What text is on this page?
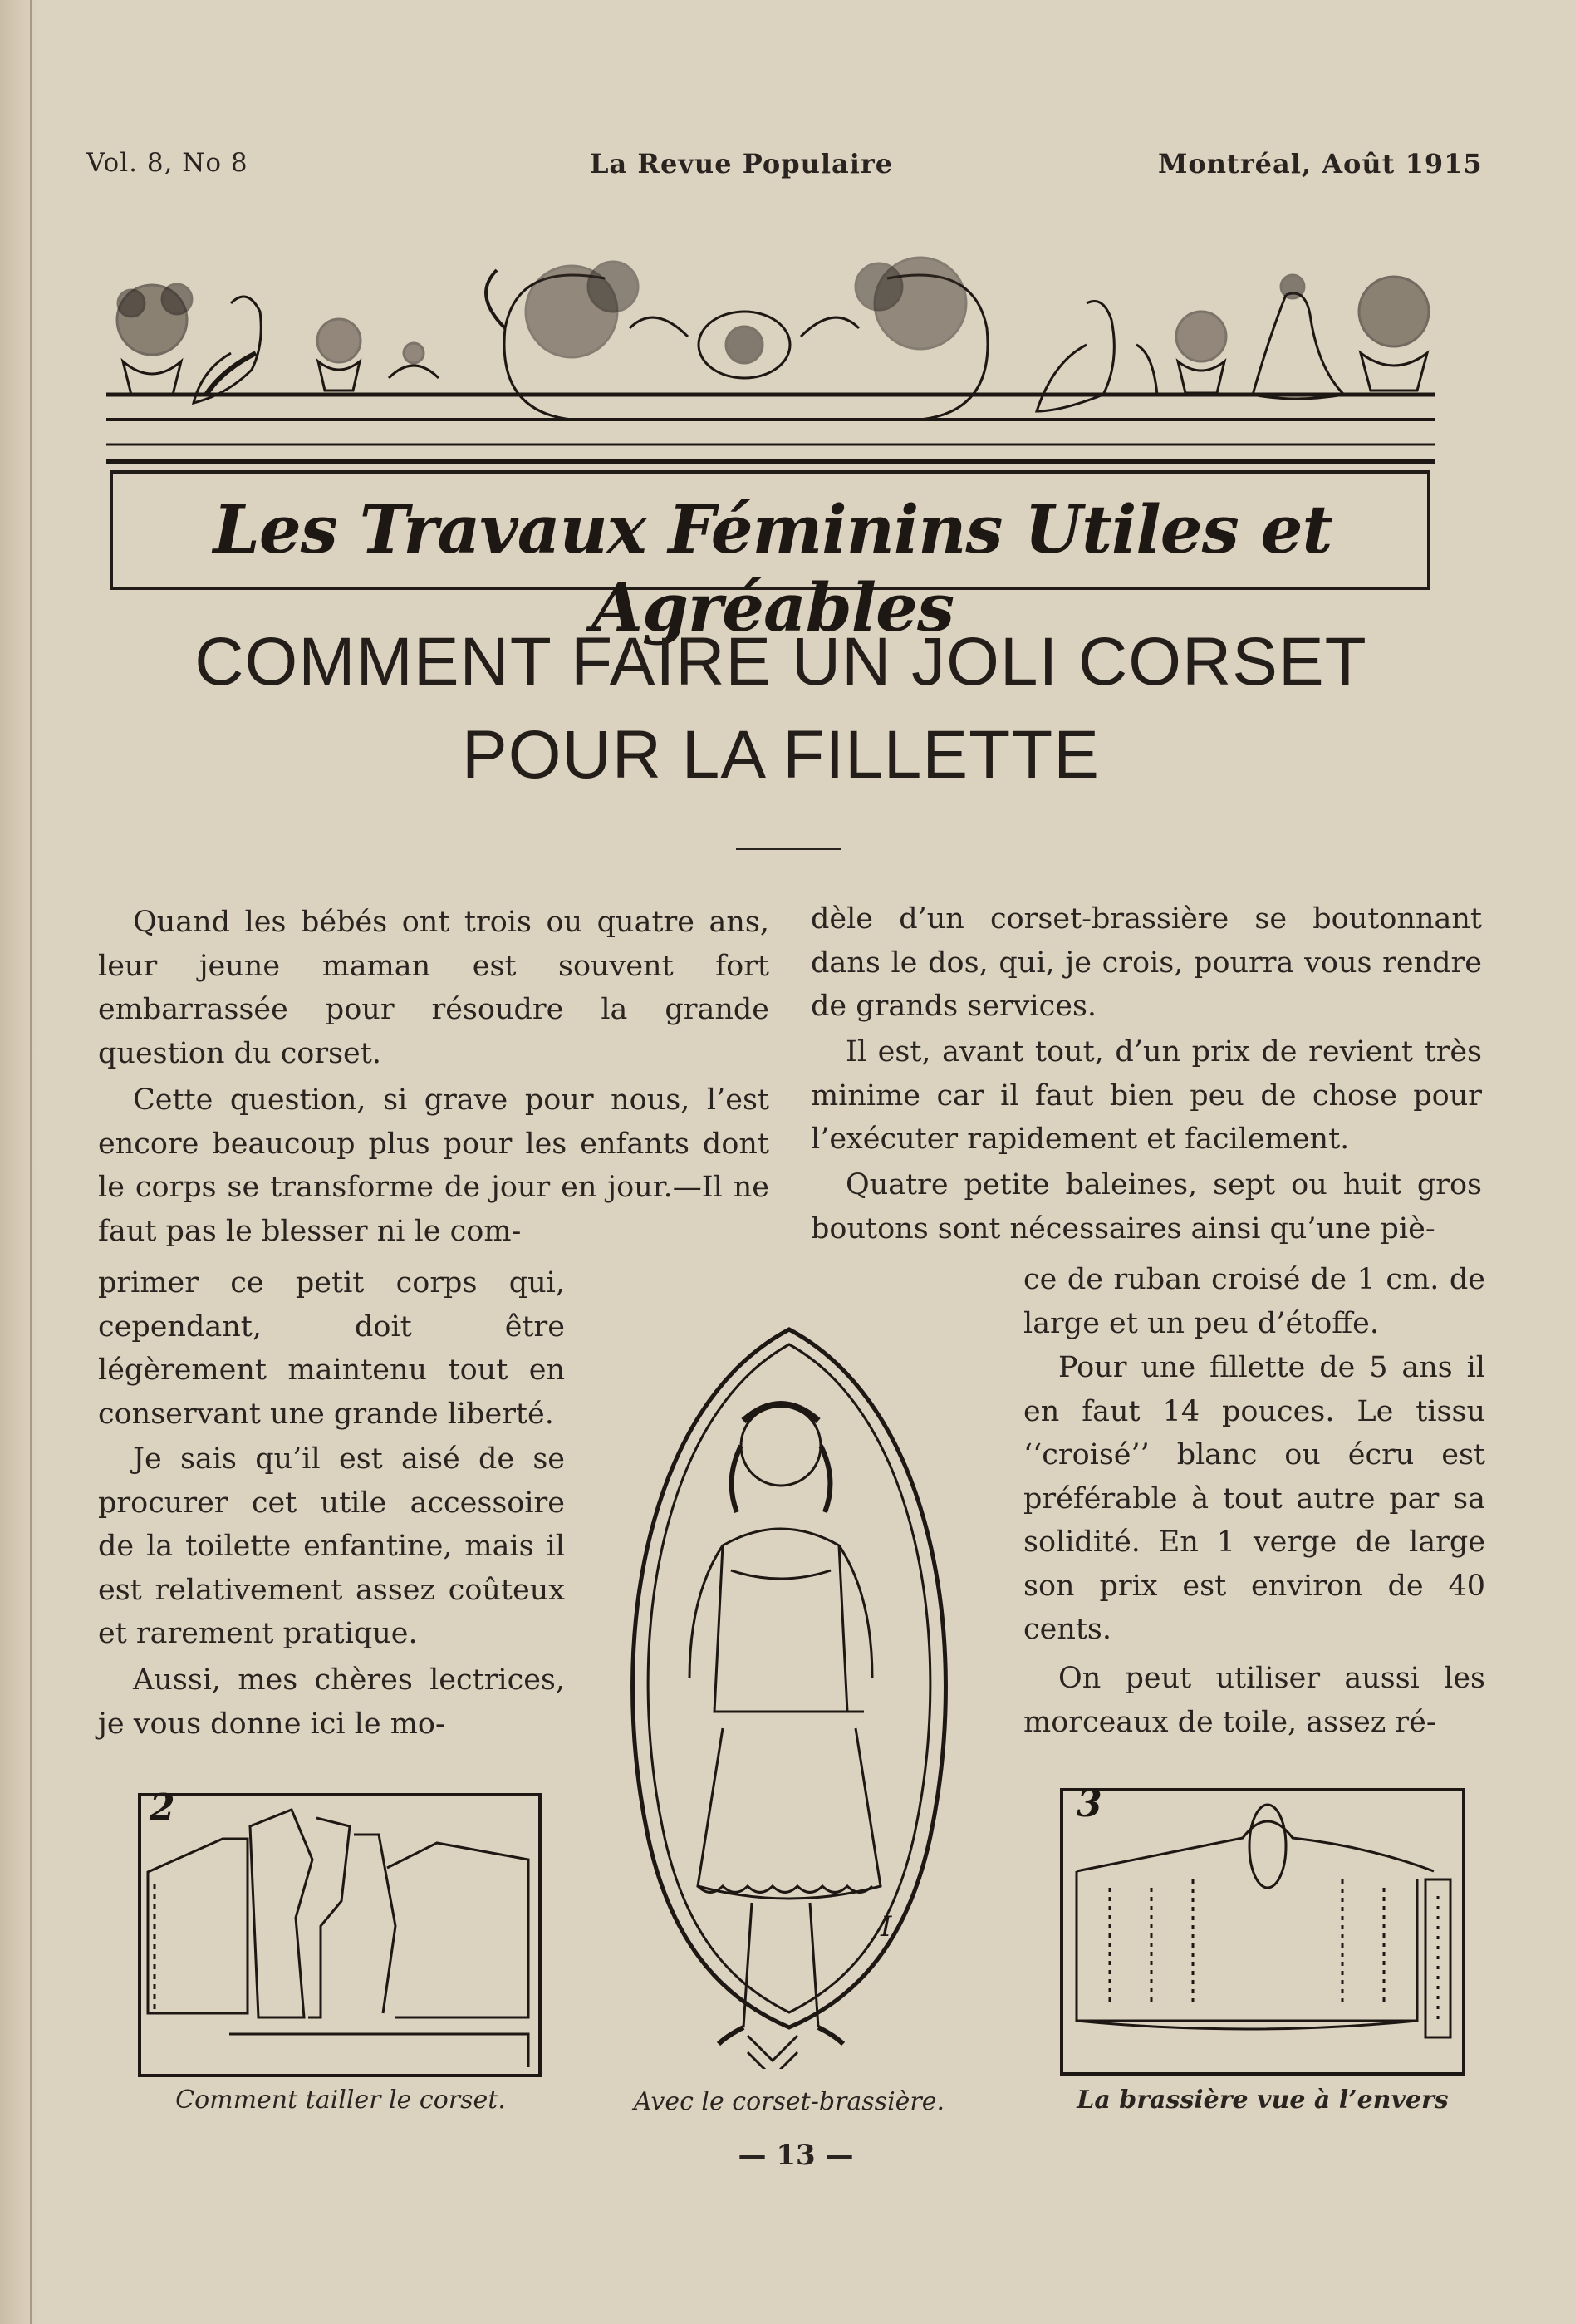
Vol. 8, No 8	La Revue Populaire	Montréal, Août 1915
Les Travaux Féminins Utiles et Agréables
COMMENT FAIRE UN JOLI CORSET
POUR LA FILLETTE

Quand les bébés ont trois ou quatre ans, leur jeune maman est souvent fort embarrassée pour résoudre la grande question du corset.

Cette question, si grave pour nous, l’est encore beaucoup plus pour les enfants dont le corps se transforme de jour en jour.—Il ne faut pas le blesser ni le com-

dèle d’un corset-brassière se boutonnant dans le dos, qui, je crois, pourra vous rendre de grands services.

Il est, avant tout, d’un prix de revient très minime car il faut bien peu de chose pour l’exécuter rapidement et facilement.

Quatre petite baleines, sept ou huit gros boutons sont nécessaires ainsi qu’une piè-

primer ce petit corps qui, cependant, doit être légèrement maintenu tout en conservant une grande liberté.

Je sais qu’il est aisé de se procurer cet utile accessoire de la toilette enfantine, mais il est relativement assez coûteux et rarement pratique.

Aussi, mes chères lectrices, je vous donne ici le mo-

ce de ruban croisé de 1 cm. de large et un peu d’étoffe.

Pour une fillette de 5 ans il en faut 14 pouces. Le tissu ‘‘croisé’’ blanc ou écru est préférable à tout autre par sa solidité. En 1 verge de large son prix est environ de 40 cents.

On peut utiliser aussi les morceaux de toile, assez ré-

I
2
Comment tailler le corset.
3
La brassière vue à l’envers
Avec le corset-brassière.
— 13 —
